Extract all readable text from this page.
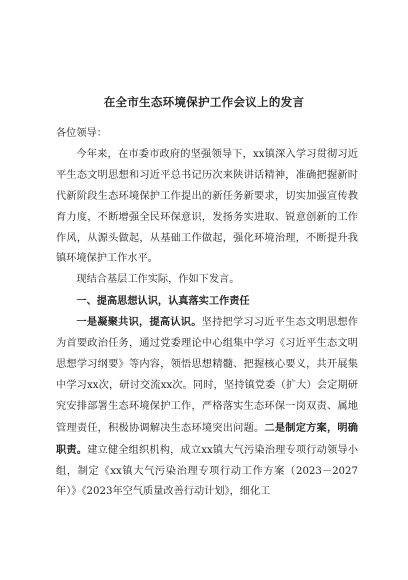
在全市生态环境保护工作会议上的发言

各位领导：

今年来，在市委市政府的坚强领导下，xx镇深入学习贯彻习近平生态文明思想和习近平总书记历次来陕讲话精神，准确把握新时代新阶段生态环境保护工作提出的新任务新要求，切实加强宣传教育力度，不断增强全民环保意识，发扬务实进取、锐意创新的工作作风，从源头做起，从基础工作做起，强化环境治理，不断提升我镇环境保护工作水平。

现结合基层工作实际，作如下发言。

一、提高思想认识，认真落实工作责任

一是凝聚共识，提高认识。坚持把学习习近平生态文明思想作为首要政治任务，通过党委理论中心组集中学习《习近平生态文明思想学习纲要》等内容，领悟思想精髓、把握核心要义，共开展集中学习xx次，研讨交流xx次。同时，坚持镇党委（扩大）会定期研究安排部署生态环境保护工作，严格落实生态环保一岗双责、属地管理责任，积极协调解决生态环境突出问题。二是制定方案，明确职责。建立健全组织机构，成立xx镇大气污染治理专项行动领导小组，制定《xx镇大气污染治理专项行动工作方案（2023－2027年）》《2023年空气质量改善行动计划》，细化工
